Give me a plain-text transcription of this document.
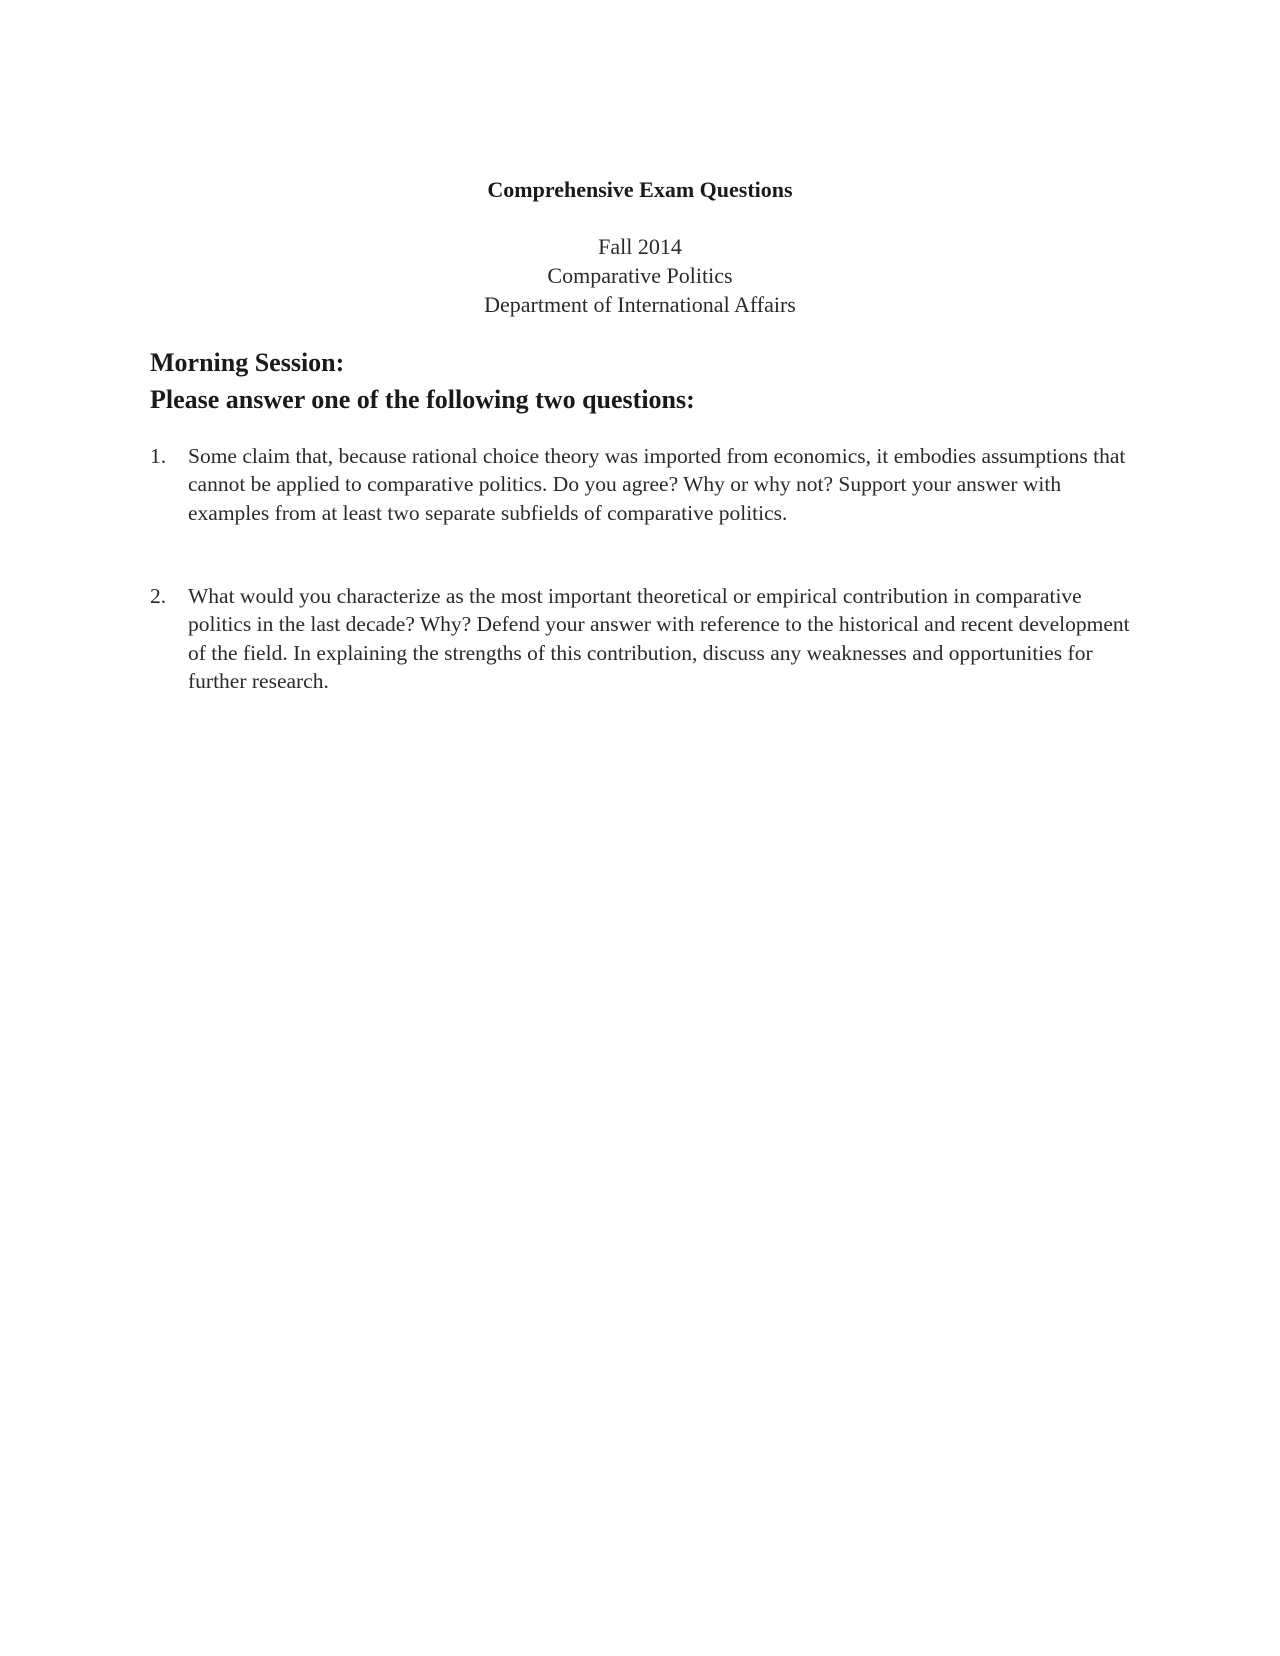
Comprehensive Exam Questions
Fall 2014
Comparative Politics
Department of International Affairs
Morning Session:
Please answer one of the following two questions:
1. Some claim that, because rational choice theory was imported from economics, it embodies assumptions that cannot be applied to comparative politics. Do you agree? Why or why not? Support your answer with examples from at least two separate subfields of comparative politics.
2. What would you characterize as the most important theoretical or empirical contribution in comparative politics in the last decade? Why? Defend your answer with reference to the historical and recent development of the field. In explaining the strengths of this contribution, discuss any weaknesses and opportunities for further research.
